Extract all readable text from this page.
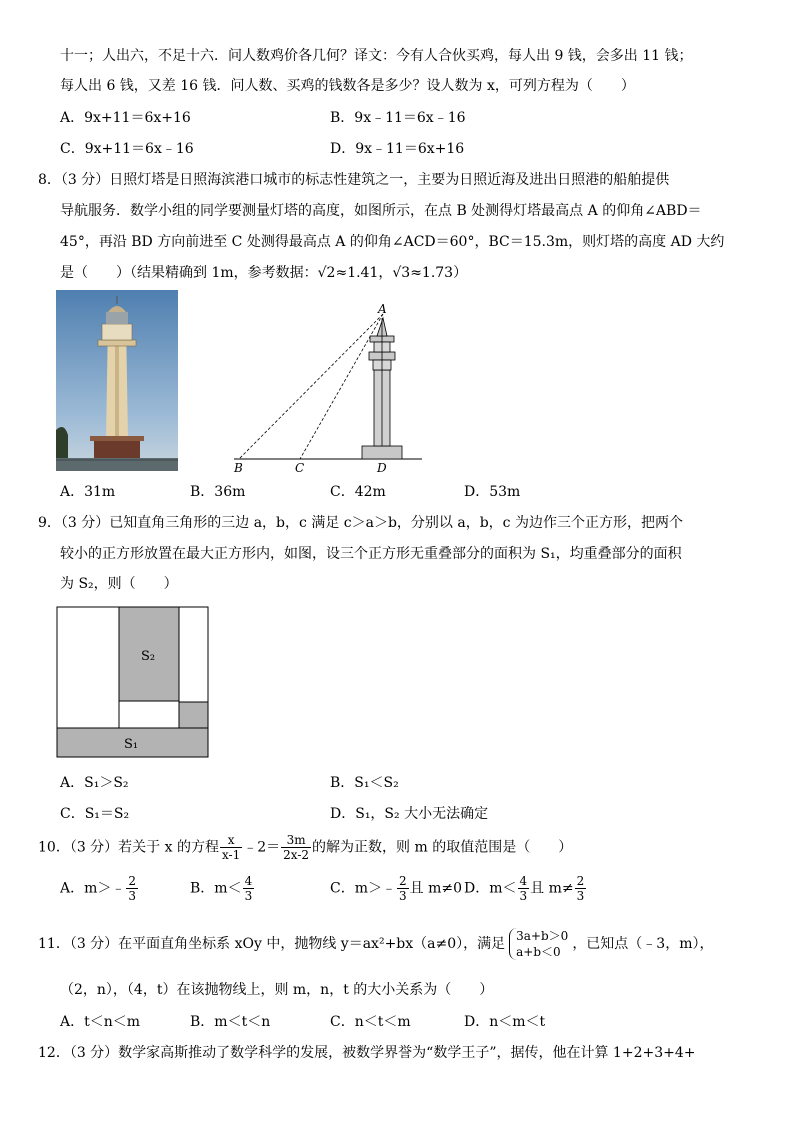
十一；人出六，不足十六．问人数鸡价各几何？译文：今有人合伙买鸡，每人出 9 钱，会多出 11 钱；
每人出 6 钱，又差 16 钱．问人数、买鸡的钱数各是多少？设人数为 x，可列方程为（　　）
A．9x+11＝6x+16	B．9x﹣11＝6x﹣16
C．9x+11＝6x﹣16	D．9x﹣11＝6x+16
8．（3 分）日照灯塔是日照海滨港口城市的标志性建筑之一，主要为日照近海及进出日照港的船舶提供
导航服务．数学小组的同学要测量灯塔的高度，如图所示，在点 B 处测得灯塔最高点 A 的仰角∠ABD＝
45°，再沿 BD 方向前进至 C 处测得最高点 A 的仰角∠ACD＝60°，BC＝15.3m，则灯塔的高度 AD 大约
是（　　）（结果精确到 1m，参考数据：√2≈1.41，√3≈1.73）
A
B	C	D
A．31m	B．36m	C．42m	D．53m
9．（3 分）已知直角三角形的三边 a，b，c 满足 c＞a＞b，分别以 a，b，c 为边作三个正方形，把两个
较小的正方形放置在最大正方形内，如图，设三个正方形无重叠部分的面积为 S₁，均重叠部分的面积
为 S₂，则（　　）
S₂
S₁
A．S₁＞S₂	B．S₁＜S₂
C．S₁＝S₂	D．S₁，S₂ 大小无法确定
10．（3 分）若关于 x 的方程 $\frac{x}{x-1}$ ﹣2＝ $\frac{3m}{2x-2}$ 的解为正数，则 m 的取值范围是（　　）
A．m＞﹣ $\frac{2}{3}$	B．$m< \frac{4}{3}$	C．m＞﹣ $\frac{2}{3}$ 且 m≠0 D．$m< \frac{4}{3}$ 且 $m\ne \frac{2}{3}$
11．（3 分）在平面直角坐标系 xOy 中，抛物线 y＝ax²+bx（a≠0），满足 3a+b＞0
a+b＜0 ，已知点（﹣3，m），
（2，n），（4，t）在该抛物线上，则 m，n，t 的大小关系为（　　）
A．t＜n＜m	B．m＜t＜n	C．n＜t＜m	D．n＜m＜t
12．（3 分）数学家高斯推动了数学科学的发展，被数学界誉为“数学王子”，据传，他在计算 1+2+3+4+
